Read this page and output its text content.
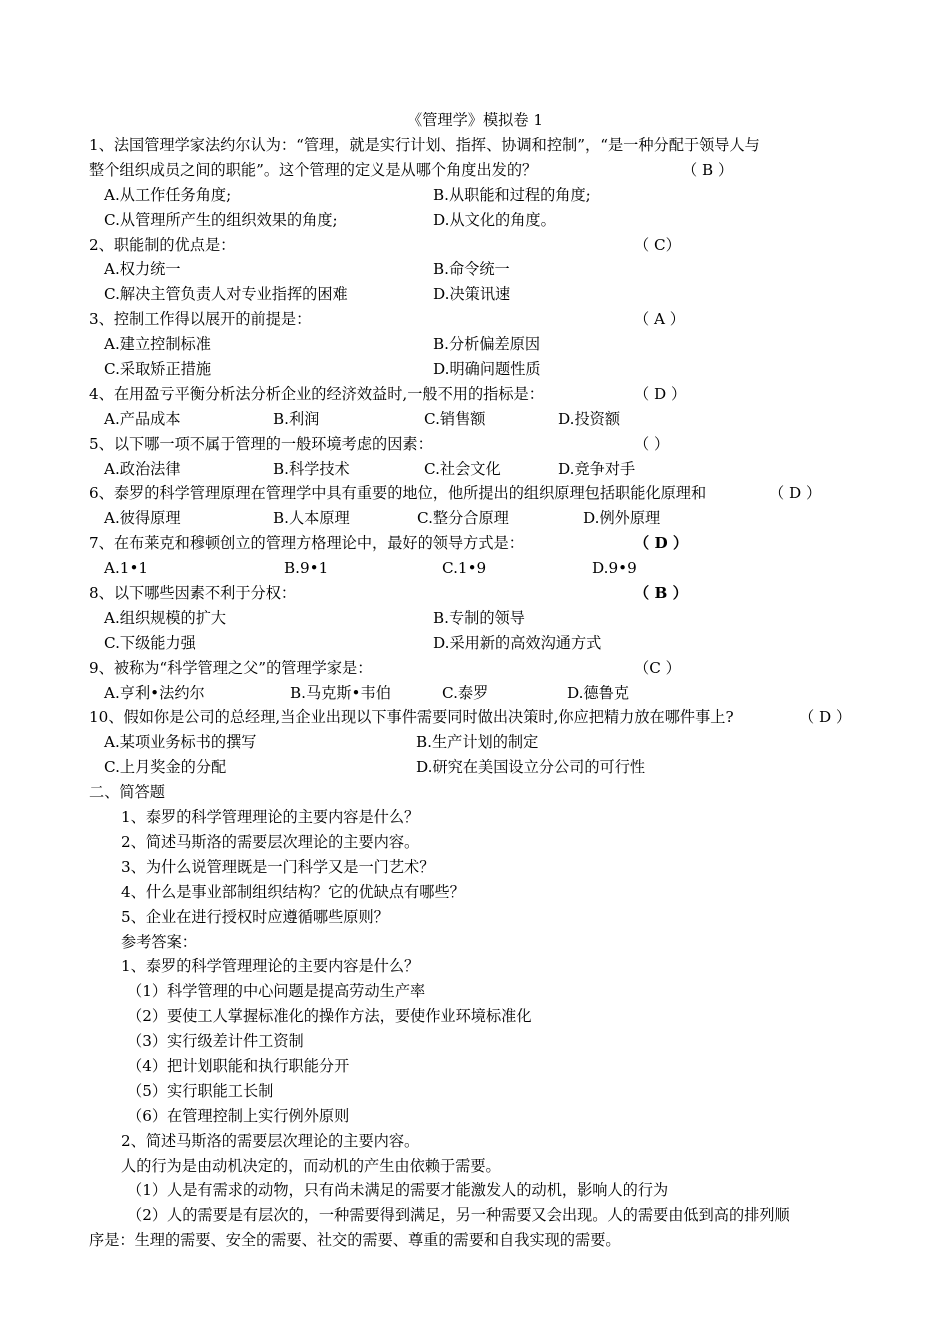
《管理学》模拟卷 1
1、法国管理学家法约尔认为：“管理，就是实行计划、指挥、协调和控制”，“是一种分配于领导人与
整个组织成员之间的职能”。这个管理的定义是从哪个角度出发的？	（ B ）
A.从工作任务角度;	B.从职能和过程的角度;
C.从管理所产生的组织效果的角度;	D.从文化的角度。
2、职能制的优点是：	（ C）
A.权力统一	B.命令统一
C.解决主管负责人对专业指挥的困难	D.决策讯速
3、控制工作得以展开的前提是：	（ A ）
A.建立控制标准	B.分析偏差原因
C.采取矫正措施	D.明确问题性质
4、在用盈亏平衡分析法分析企业的经济效益时,一般不用的指标是：	（ D ）
A.产品成本	B.利润	C.销售额	D.投资额
5、以下哪一项不属于管理的一般环境考虑的因素：	（ ）
A.政治法律	B.科学技术	C.社会文化	D.竞争对手
6、泰罗的科学管理原理在管理学中具有重要的地位，他所提出的组织原理包括职能化原理和	（ D ）
A.彼得原理	B.人本原理	C.整分合原理	D.例外原理
7、在布莱克和穆顿创立的管理方格理论中，最好的领导方式是：	（ D ）
A.1•1	B.9•1	C.1•9	D.9•9
8、以下哪些因素不利于分权：	（ B ）
A.组织规模的扩大	B.专制的领导
C.下级能力强	D.采用新的高效沟通方式
9、被称为“科学管理之父”的管理学家是：	（C ）
A.亨利•法约尔	B.马克斯•韦伯	C.泰罗	D.德鲁克
10、假如你是公司的总经理,当企业出现以下事件需要同时做出决策时,你应把精力放在哪件事上?	（ D ）
A.某项业务标书的撰写	B.生产计划的制定
C.上月奖金的分配	D.研究在美国设立分公司的可行性
二、简答题
1、泰罗的科学管理理论的主要内容是什么？
2、简述马斯洛的需要层次理论的主要内容。
3、为什么说管理既是一门科学又是一门艺术？
4、什么是事业部制组织结构？它的优缺点有哪些？
5、企业在进行授权时应遵循哪些原则？
参考答案：
1、泰罗的科学管理理论的主要内容是什么？
（1）科学管理的中心问题是提高劳动生产率
（2）要使工人掌握标准化的操作方法，要使作业环境标准化
（3）实行级差计件工资制
（4）把计划职能和执行职能分开
（5）实行职能工长制
（6）在管理控制上实行例外原则
2、简述马斯洛的需要层次理论的主要内容。
人的行为是由动机决定的，而动机的产生由依赖于需要。
（1）人是有需求的动物，只有尚未满足的需要才能激发人的动机，影响人的行为
（2）人的需要是有层次的，一种需要得到满足，另一种需要又会出现。人的需要由低到高的排列顺
序是：生理的需要、安全的需要、社交的需要、尊重的需要和自我实现的需要。
